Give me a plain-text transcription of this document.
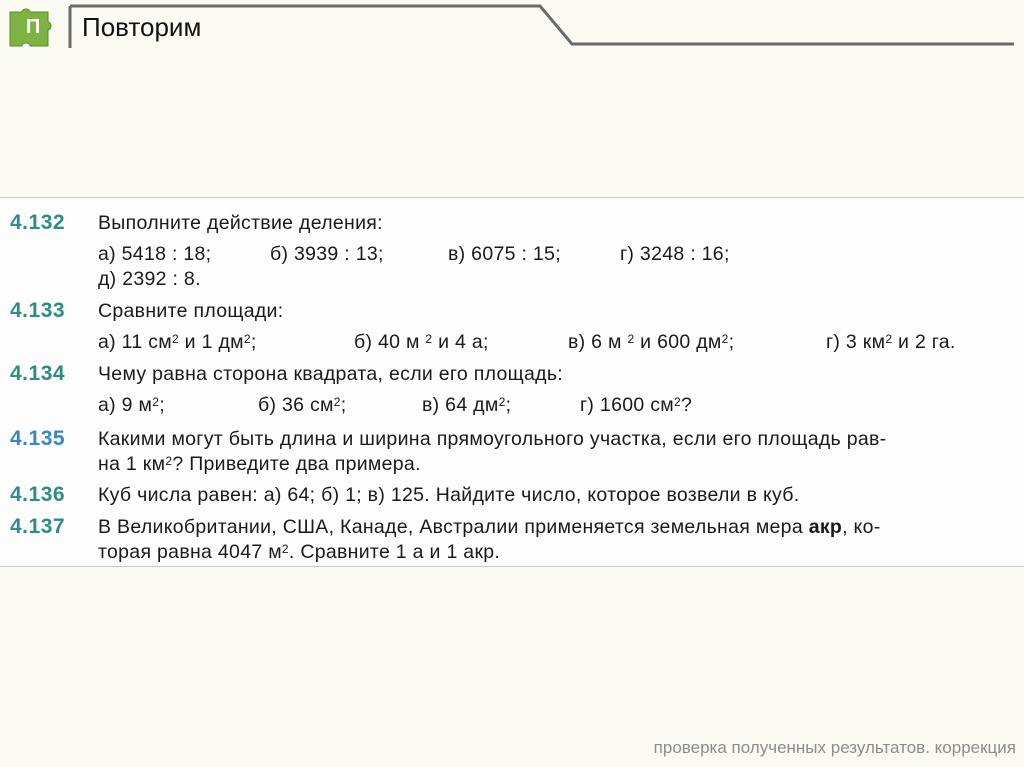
П Повторим
4.132 Выполните действие деления:
а) 5418 : 18;	б) 3939 : 13;	в) 6075 : 15;	г) 3248 : 16;
д) 2392 : 8.
4.133 Сравните площади:
а) 11 $см^2$ и 1 $дм^2$;	б) 40 м $^2$ и 4 а;	в) 6 м $^2$ и 600 $дм^2$;	г) 3 $км^2$ и 2 га.
4.134 Чему равна сторона квадрата, если его площадь:
а) 9 $м^2$;	б) 36 $см^2$;	в) 64 $дм^2$;	г) 1600 $см^2$?
4.135 Какими могут быть длина и ширина прямоугольного участка, если его площадь рав-
на 1 $км^2$? Приведите два примера.
4.136 Куб числа равен: а) 64; б) 1; в) 125. Найдите число, которое возвели в куб.
4.137 В Великобритании, США, Канаде, Австралии применяется земельная мера акр, ко-
торая равна 4047 $м^2$. Сравните 1 а и 1 акр.
проверка полученных результатов. коррекция
